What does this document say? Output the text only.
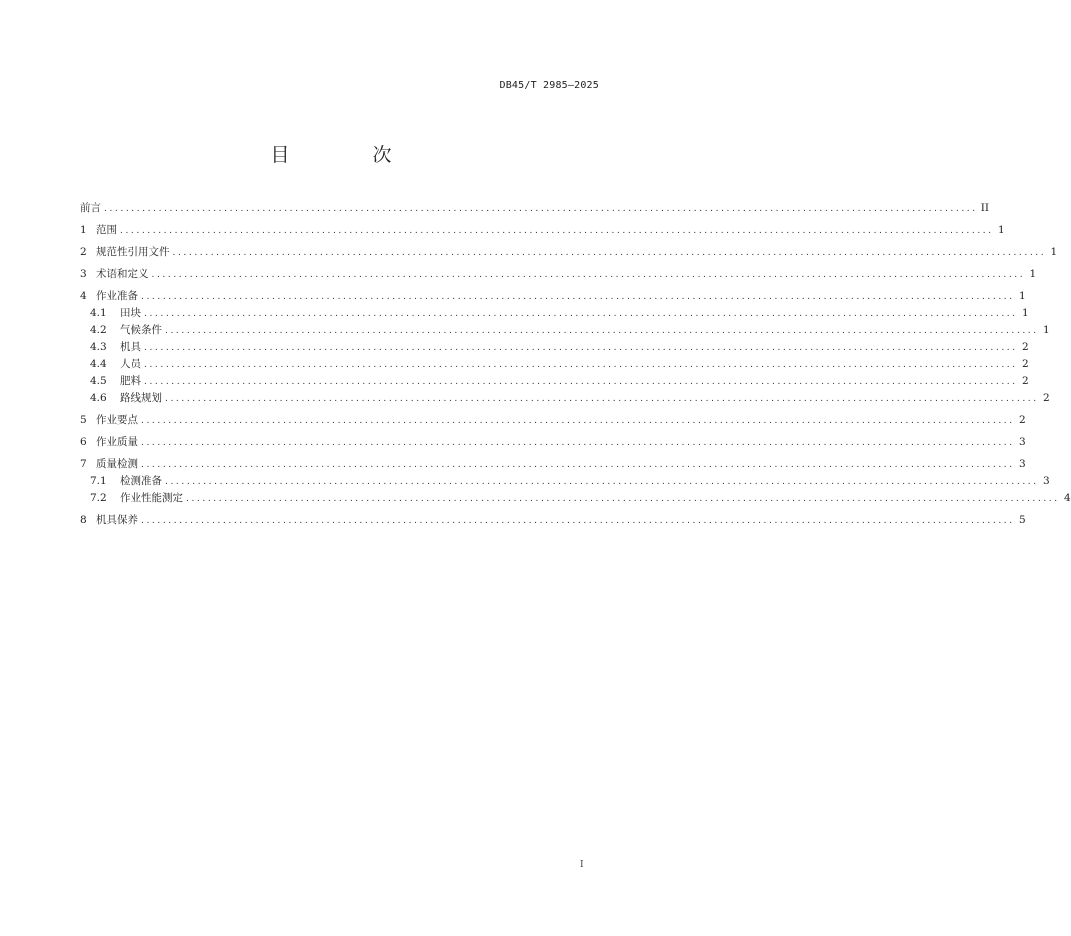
DB45/T 2985—2025
目　次
前言 ................................................................................................................................................................ II
1 范围 ................................................................................................................................................................ 1
2 规范性引用文件 ................................................................................................................................................................ 1
3 术语和定义 ................................................................................................................................................................ 1
4 作业准备 ................................................................................................................................................................ 1
4.1	田块 ................................................................................................................................................................ 1
4.2	气候条件 ................................................................................................................................................................ 1
4.3	机具 ................................................................................................................................................................ 2
4.4	人员 ................................................................................................................................................................ 2
4.5	肥料 ................................................................................................................................................................ 2
4.6	路线规划 ................................................................................................................................................................ 2
5 作业要点 ................................................................................................................................................................ 2
6 作业质量 ................................................................................................................................................................ 3
7 质量检测 ................................................................................................................................................................ 3
7.1	检测准备 ................................................................................................................................................................ 3
7.2	作业性能测定 ................................................................................................................................................................ 4
8 机具保养 ................................................................................................................................................................ 5
I
